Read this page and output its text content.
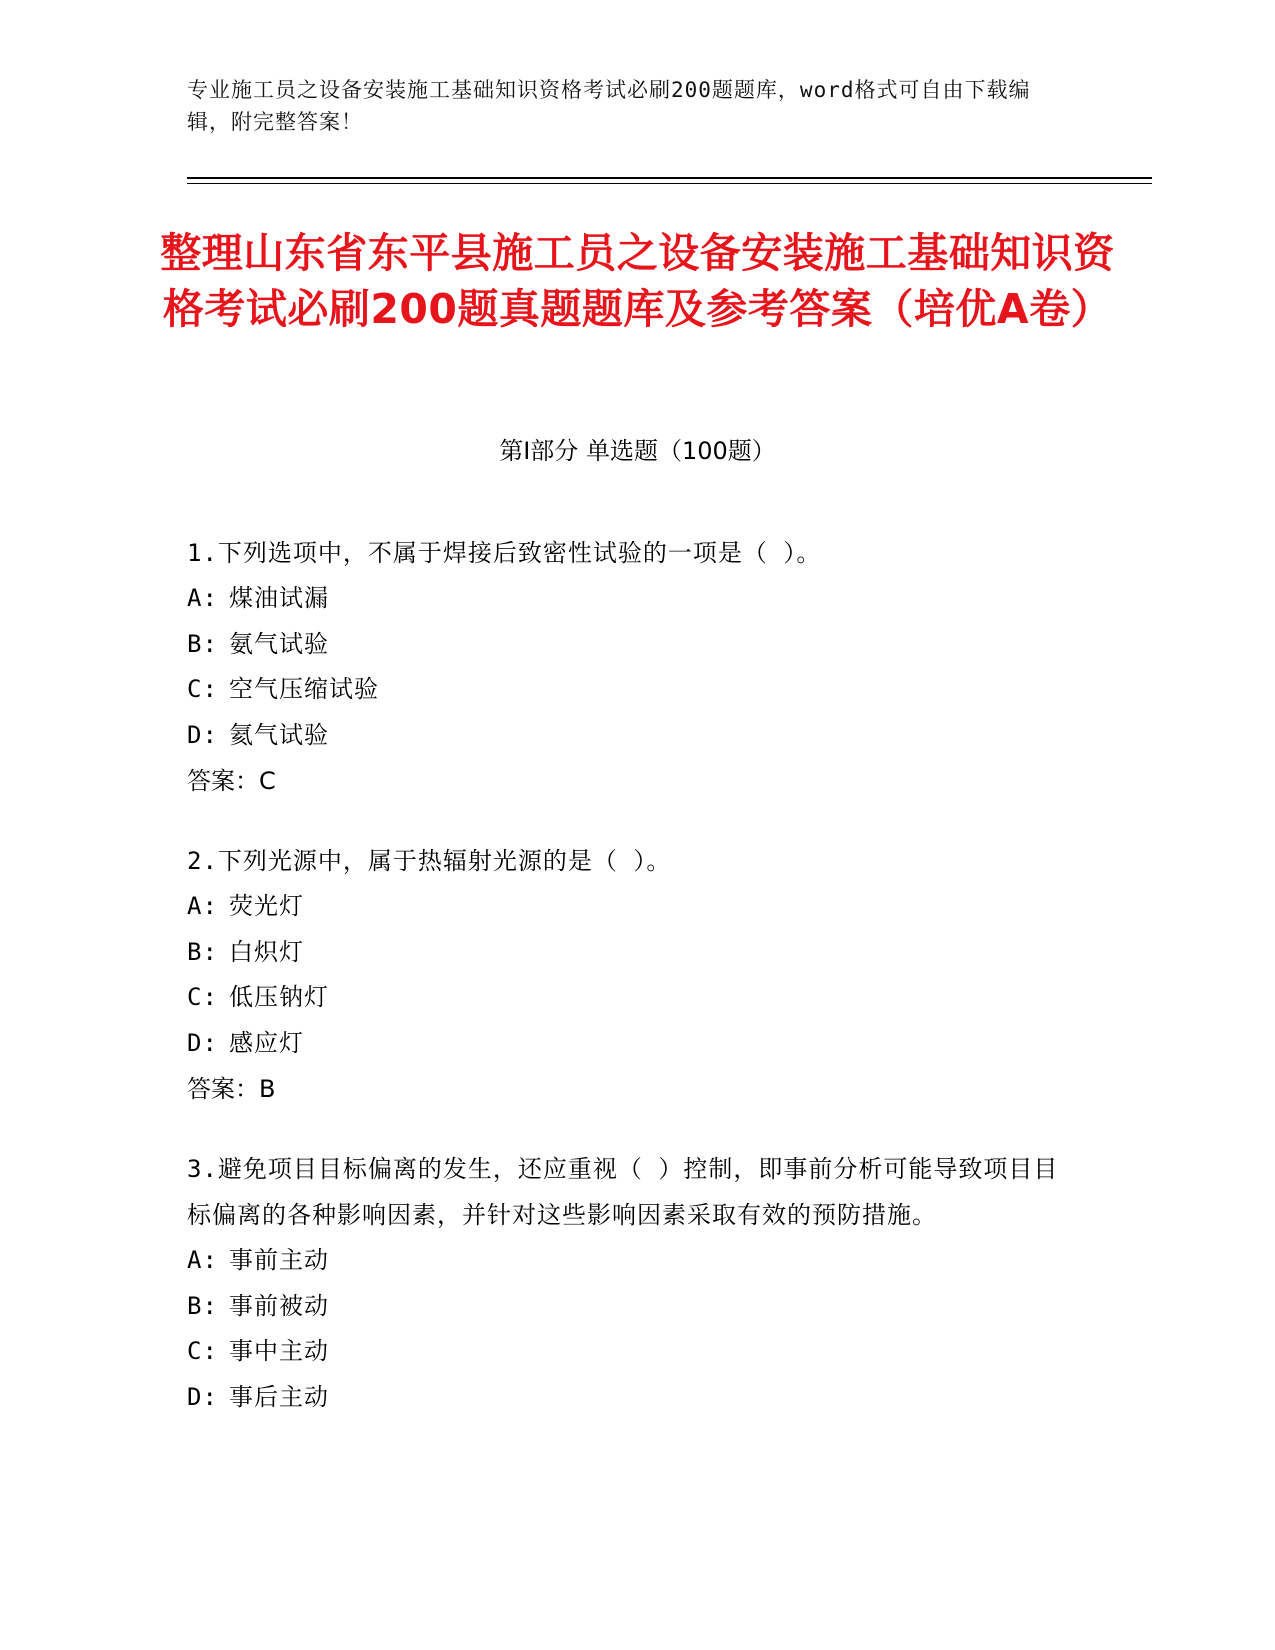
专业施工员之设备安装施工基础知识资格考试必刷200题题库，word格式可自由下载编辑，附完整答案！
整理山东省东平县施工员之设备安装施工基础知识资格考试必刷200题真题题库及参考答案（培优A卷）
第Ⅰ部分 单选题（100题）
1.下列选项中，不属于焊接后致密性试验的一项是（ ）。
A: 煤油试漏
B: 氨气试验
C: 空气压缩试验
D: 氦气试验
答案：C
2.下列光源中，属于热辐射光源的是（ ）。
A: 荧光灯
B: 白炽灯
C: 低压钠灯
D: 感应灯
答案：B
3.避免项目目标偏离的发生，还应重视（ ）控制，即事前分析可能导致项目目标偏离的各种影响因素，并针对这些影响因素采取有效的预防措施。
A: 事前主动
B: 事前被动
C: 事中主动
D: 事后主动
